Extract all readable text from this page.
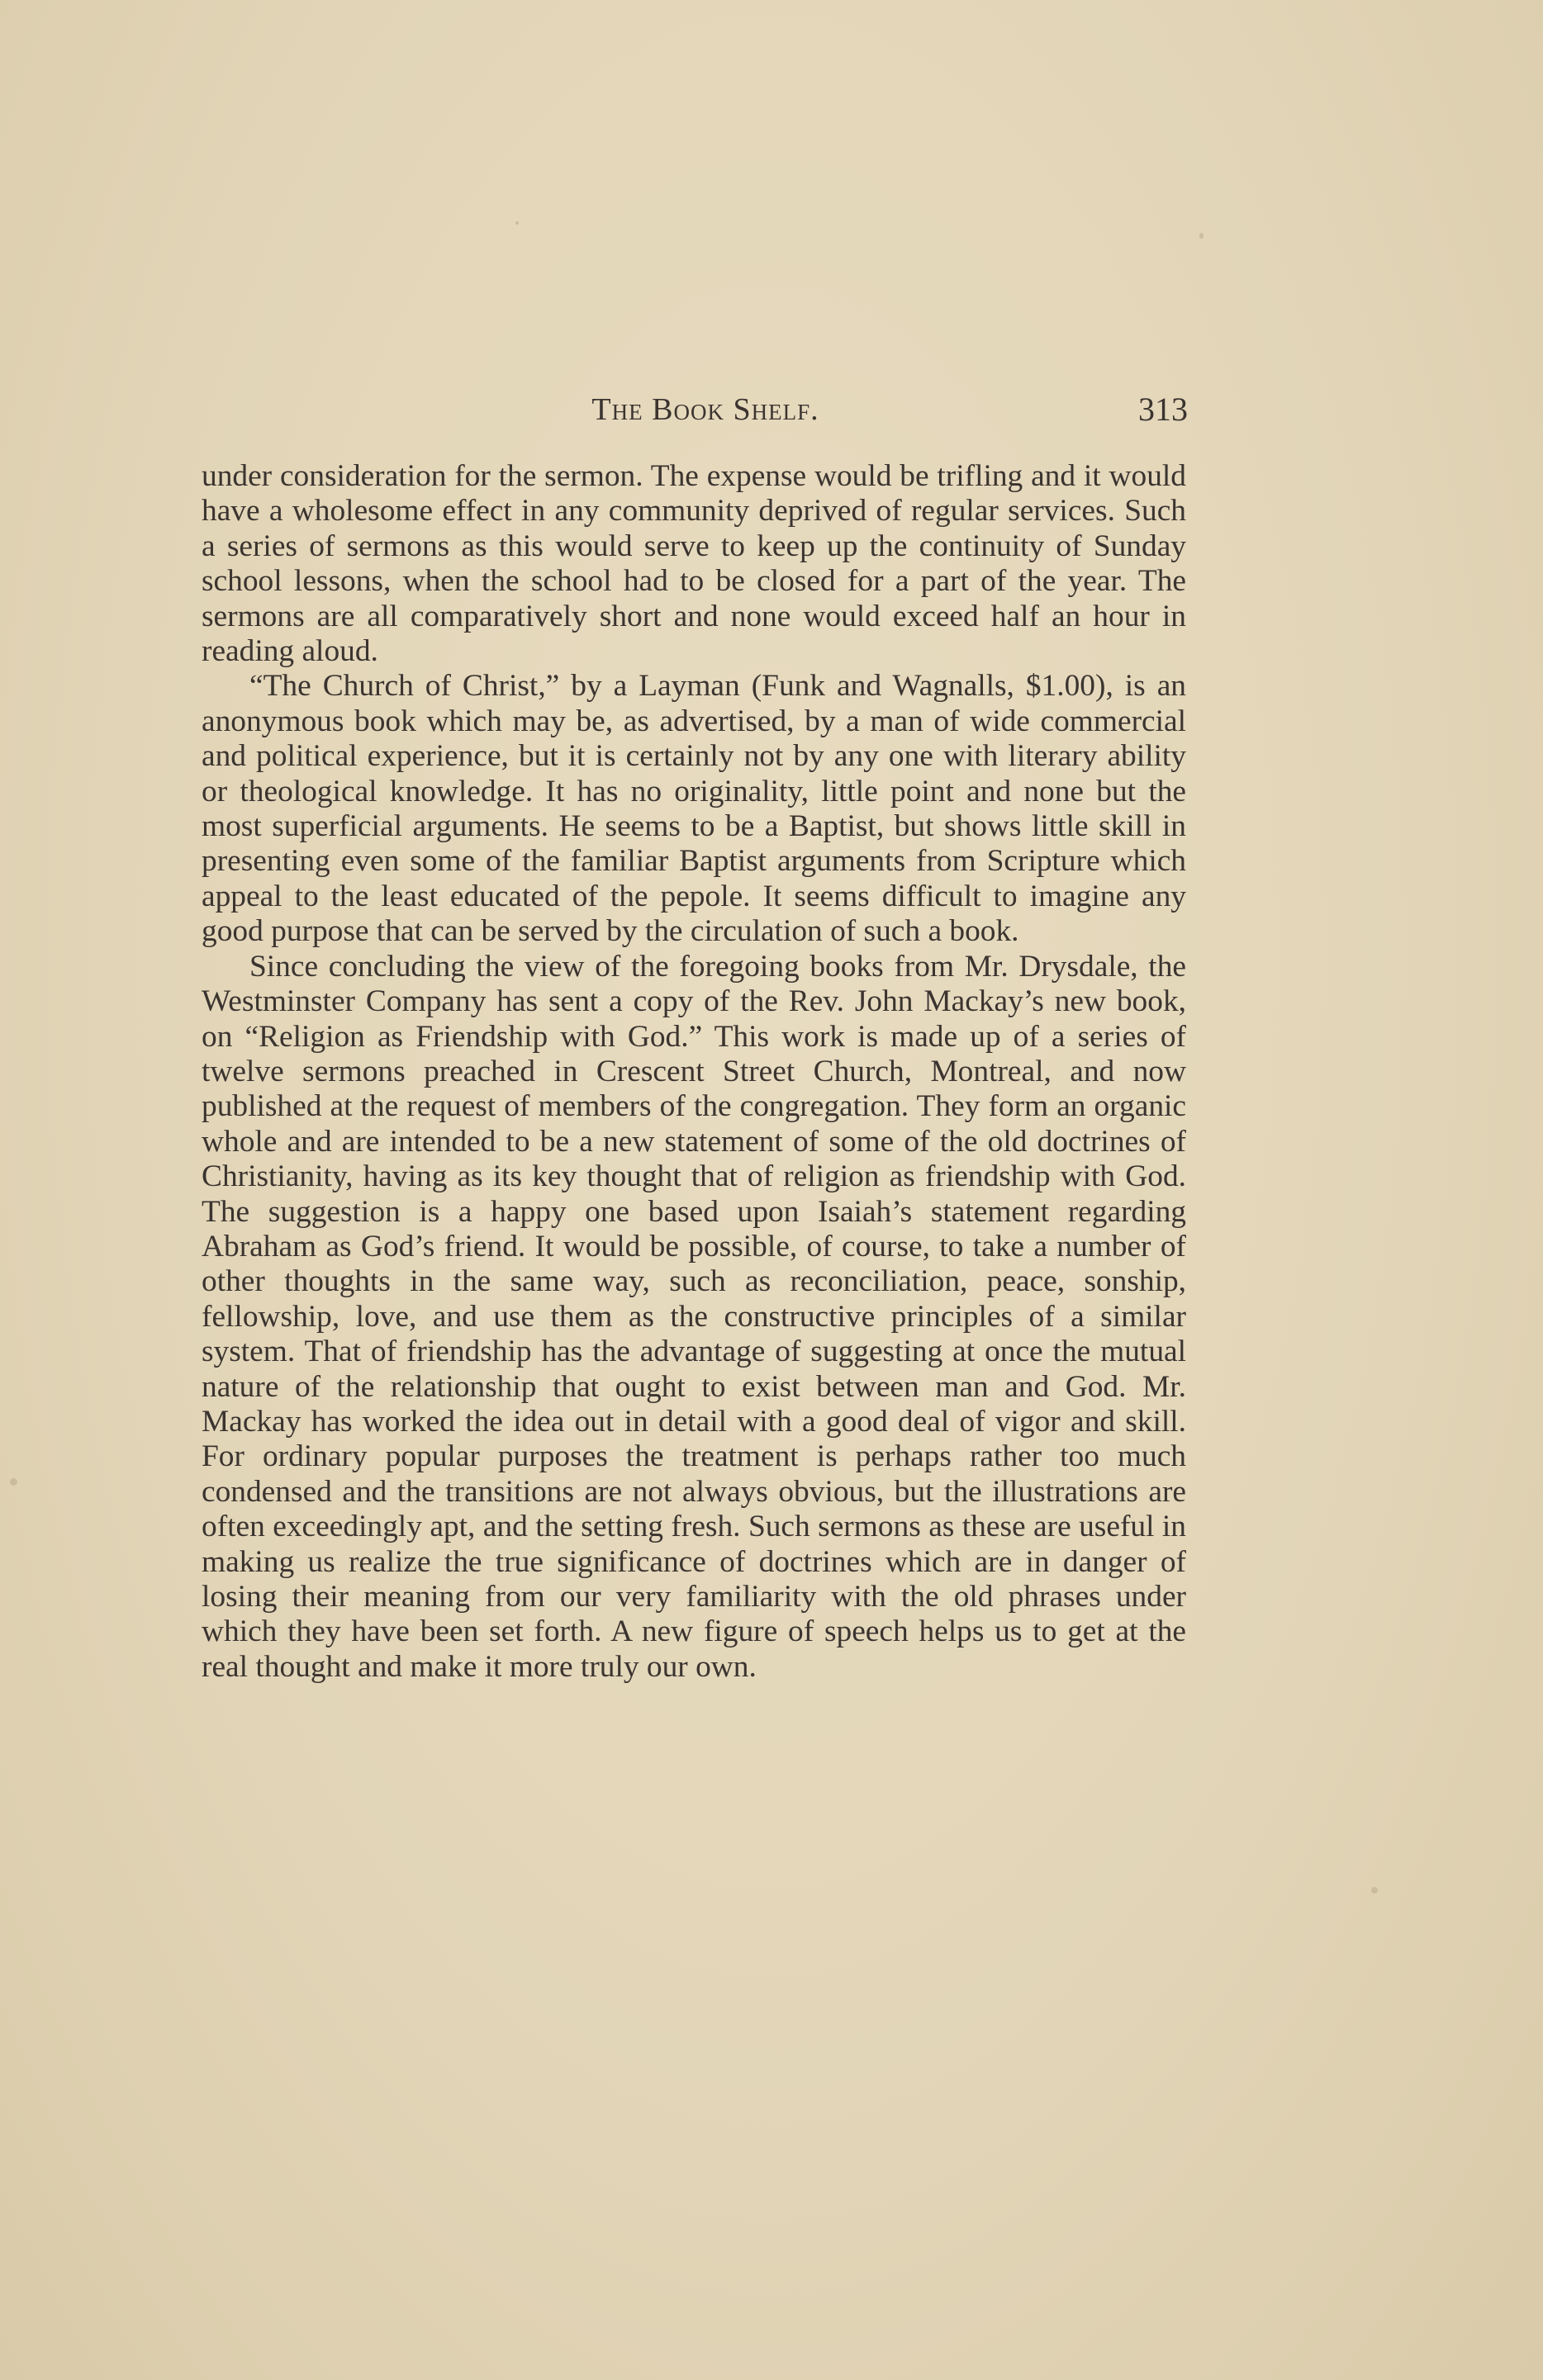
The Book Shelf.	313

under consideration for the sermon. The expense would be trifling and it would have a wholesome effect in any community deprived of regular services. Such a series of sermons as this would serve to keep up the continuity of Sunday school lessons, when the school had to be closed for a part of the year. The sermons are all comparatively short and none would exceed half an hour in reading aloud.

“The Church of Christ,” by a Layman (Funk and Wagnalls, $1.00), is an anonymous book which may be, as advertised, by a man of wide commercial and political experience, but it is certainly not by any one with literary ability or theological knowledge. It has no originality, little point and none but the most superficial arguments. He seems to be a Baptist, but shows little skill in presenting even some of the familiar Baptist arguments from Scripture which appeal to the least educated of the pepole. It seems difficult to imagine any good purpose that can be served by the circulation of such a book.

Since concluding the view of the foregoing books from Mr. Drysdale, the Westminster Company has sent a copy of the Rev. John Mackay’s new book, on “Religion as Friendship with God.” This work is made up of a series of twelve sermons preached in Crescent Street Church, Montreal, and now published at the request of members of the congregation. They form an organic whole and are intended to be a new statement of some of the old doctrines of Christianity, having as its key thought that of religion as friendship with God. The suggestion is a happy one based upon Isaiah’s statement regarding Abraham as God’s friend. It would be possible, of course, to take a number of other thoughts in the same way, such as reconciliation, peace, sonship, fellowship, love, and use them as the constructive principles of a similar system. That of friendship has the advantage of suggesting at once the mutual nature of the relationship that ought to exist between man and God. Mr. Mackay has worked the idea out in detail with a good deal of vigor and skill. For ordinary popular purposes the treatment is perhaps rather too much condensed and the transitions are not always obvious, but the illustrations are often exceedingly apt, and the setting fresh. Such sermons as these are useful in making us realize the true significance of doctrines which are in danger of losing their meaning from our very familiarity with the old phrases under which they have been set forth. A new figure of speech helps us to get at the real thought and make it more truly our own.
